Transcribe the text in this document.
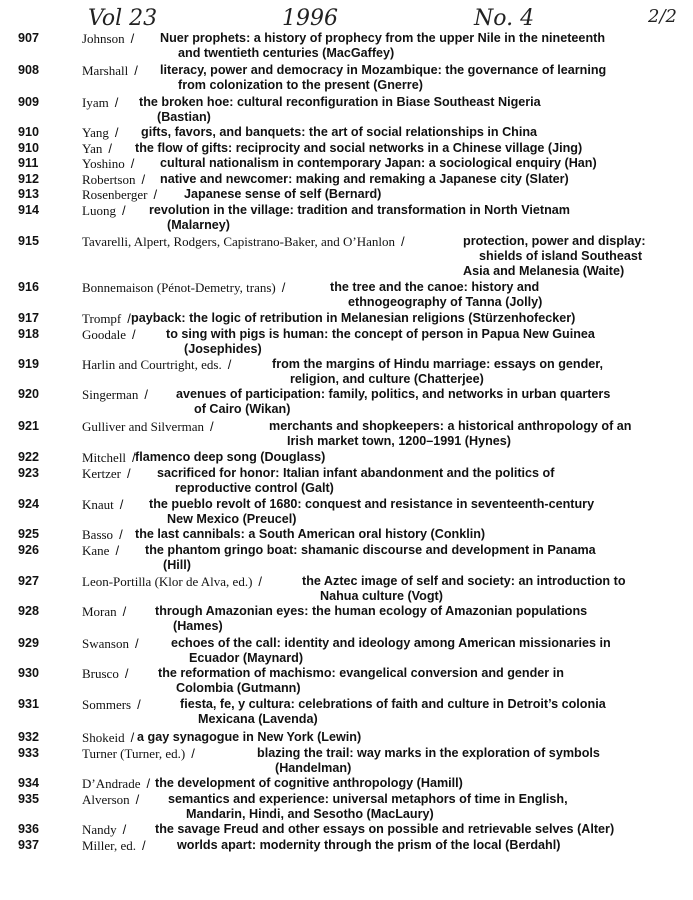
Vol 23	1996	No. 4	2/2
907	Johnson /	Nuer prophets: a history of prophecy from the upper Nile in the nineteenth
and twentieth centuries (MacGaffey)
908	Marshall /	literacy, power and democracy in Mozambique: the governance of learning
from colonization to the present (Gnerre)
909	Iyam /	the broken hoe: cultural reconfiguration in Biase Southeast Nigeria
(Bastian)
910	Yang /	gifts, favors, and banquets: the art of social relationships in China
910	Yan /	the flow of gifts: reciprocity and social networks in a Chinese village (Jing)
911	Yoshino /	cultural nationalism in contemporary Japan: a sociological enquiry (Han)
912	Robertson /	native and newcomer: making and remaking a Japanese city (Slater)
913	Rosenberger /	Japanese sense of self (Bernard)
914	Luong /	revolution in the village: tradition and transformation in North Vietnam
(Malarney)
915	Tavarelli, Alpert, Rodgers, Capistrano-Baker, and O’Hanlon /	protection, power and display:
shields of island Southeast
Asia and Melanesia (Waite)
916	Bonnemaison (Pénot-Demetry, trans) /	the tree and the canoe: history and
ethnogeography of Tanna (Jolly)
917	Trompf / payback: the logic of retribution in Melanesian religions (Stürzenhofecker)
918	Goodale /	to sing with pigs is human: the concept of person in Papua New Guinea
(Josephides)
919	Harlin and Courtright, eds. /	from the margins of Hindu marriage: essays on gender,
religion, and culture (Chatterjee)
920	Singerman /	avenues of participation: family, politics, and networks in urban quarters
of Cairo (Wikan)
921	Gulliver and Silverman /	merchants and shopkeepers: a historical anthropology of an
Irish market town, 1200–1991 (Hynes)
922	Mitchell / flamenco deep song (Douglass)
923	Kertzer /	sacrificed for honor: Italian infant abandonment and the politics of
reproductive control (Galt)
924	Knaut /	the pueblo revolt of 1680: conquest and resistance in seventeenth-century
New Mexico (Preucel)
925	Basso / the last cannibals: a South American oral history (Conklin)
926	Kane /	the phantom gringo boat: shamanic discourse and development in Panama
(Hill)
927	Leon-Portilla (Klor de Alva, ed.) /	the Aztec image of self and society: an introduction to
Nahua culture (Vogt)
928	Moran /	through Amazonian eyes: the human ecology of Amazonian populations
(Hames)
929	Swanson /	echoes of the call: identity and ideology among American missionaries in
Ecuador (Maynard)
930	Brusco /	the reformation of machismo: evangelical conversion and gender in
Colombia (Gutmann)
931	Sommers /	fiesta, fe, y cultura: celebrations of faith and culture in Detroit’s colonia
Mexicana (Lavenda)
932	Shokeid / a gay synagogue in New York (Lewin)
933	Turner (Turner, ed.) /	blazing the trail: way marks in the exploration of symbols
(Handelman)
934	D’Andrade / the development of cognitive anthropology (Hamill)
935	Alverson /	semantics and experience: universal metaphors of time in English,
Mandarin, Hindi, and Sesotho (MacLaury)
936	Nandy /	the savage Freud and other essays on possible and retrievable selves (Alter)
937	Miller, ed. /	worlds apart: modernity through the prism of the local (Berdahl)
